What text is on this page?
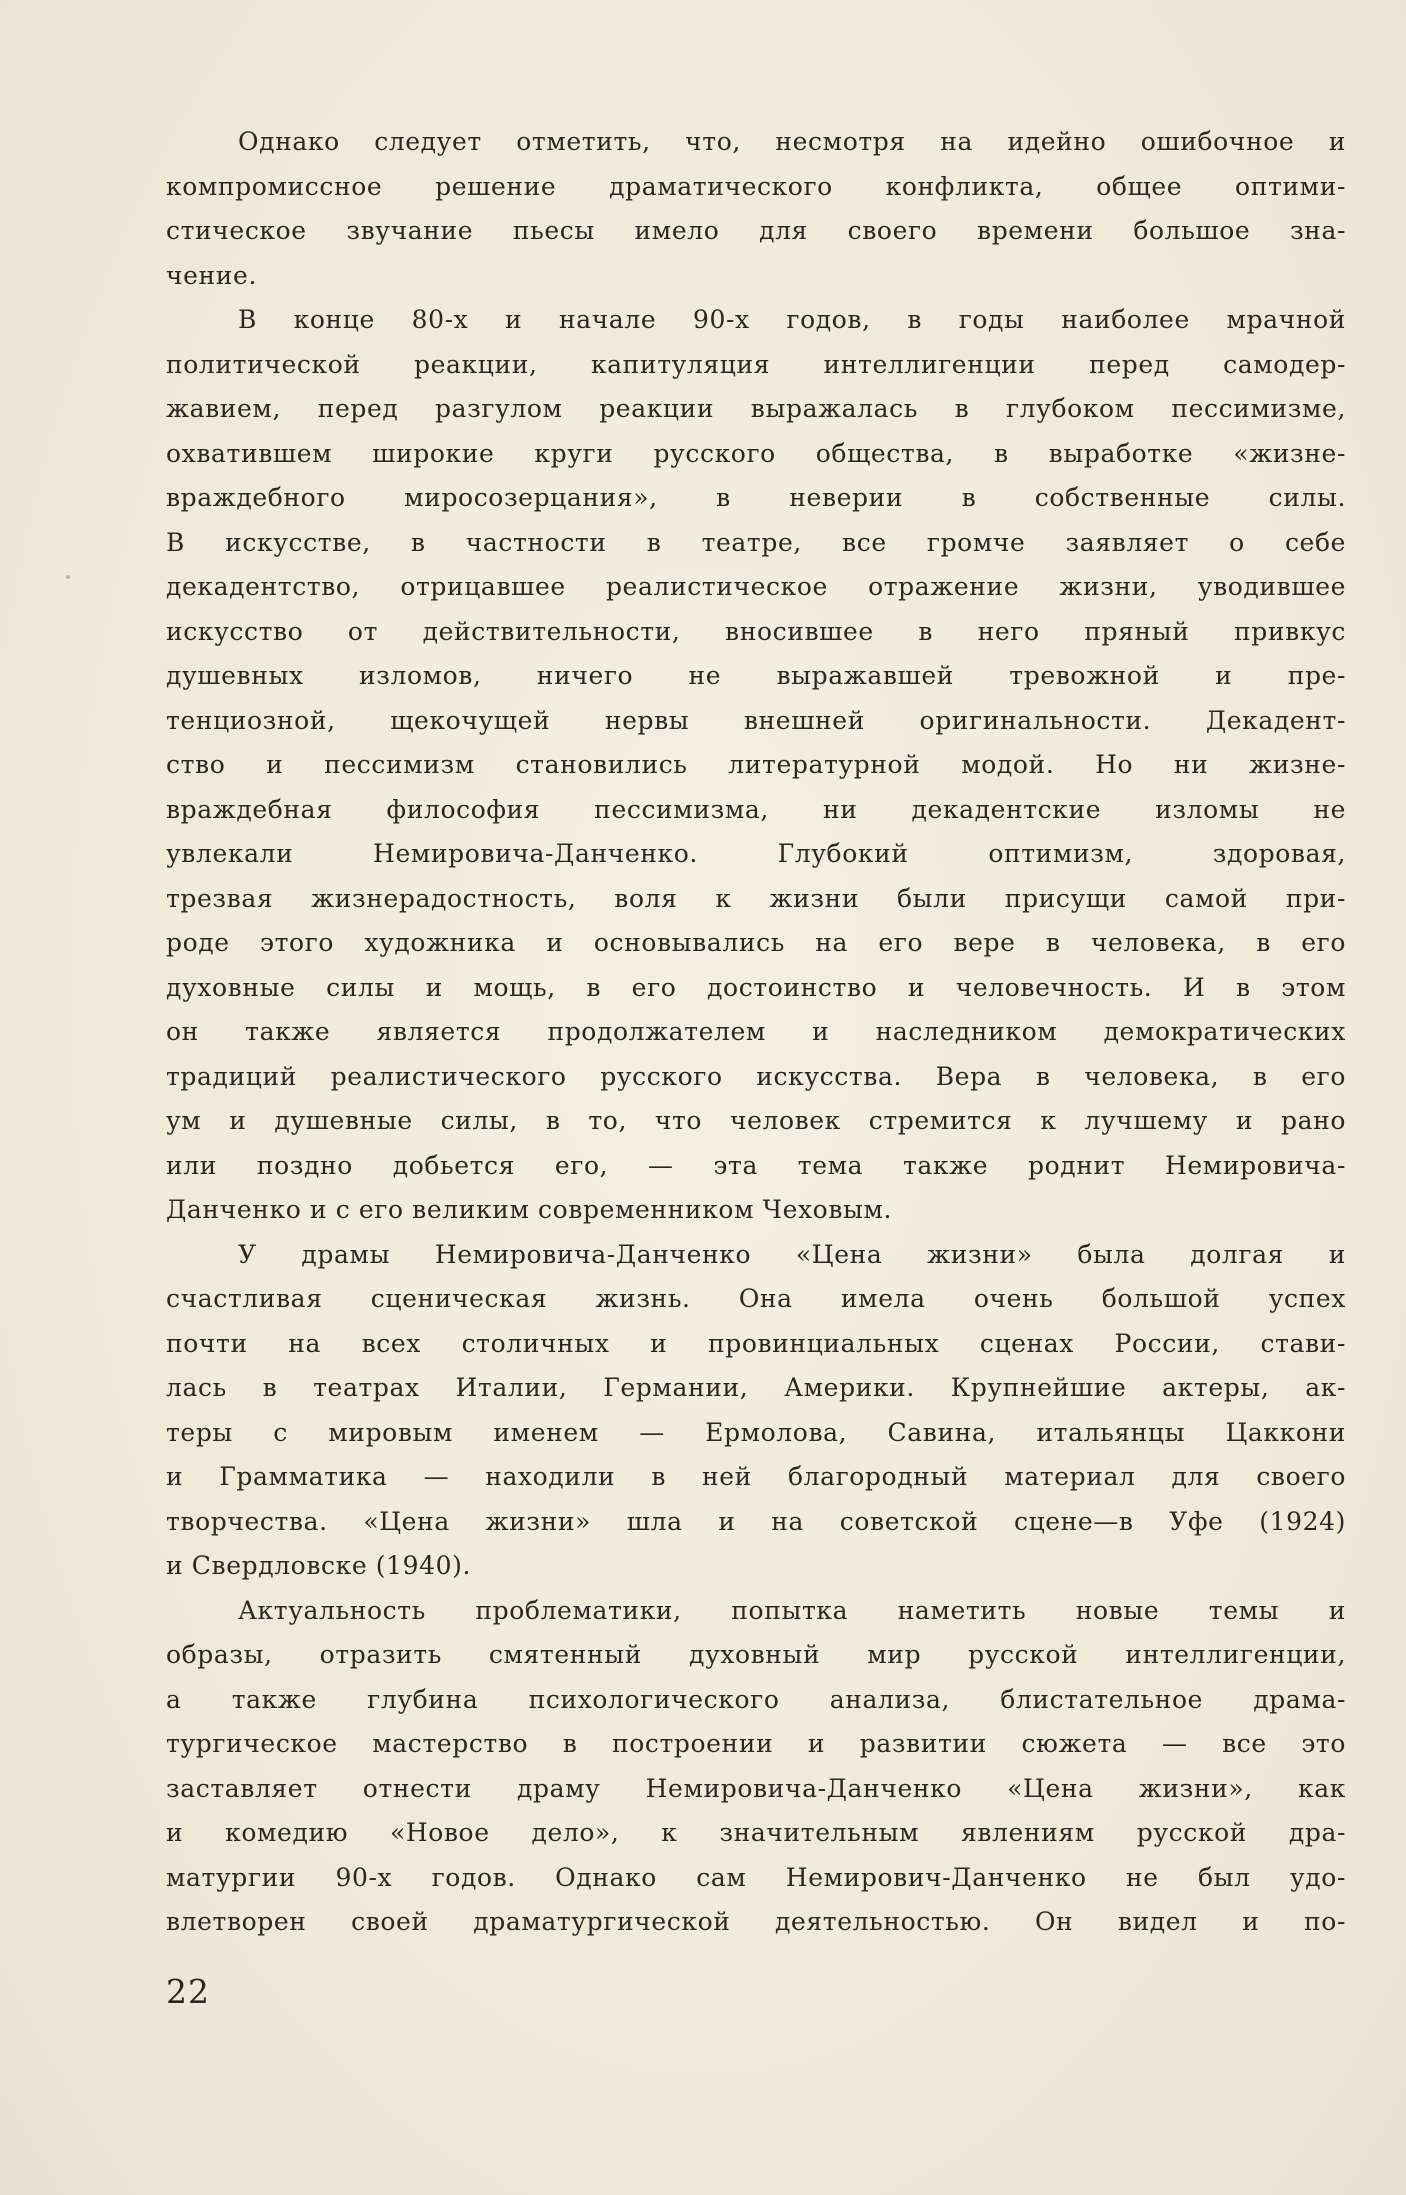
Однако следует отметить, что, несмотря на идейно ошибочное и
компромиссное решение драматического конфликта, общее оптими-
стическое звучание пьесы имело для своего времени большое зна-
чение.

В конце 80-х и начале 90-х годов, в годы наиболее мрачной
политической реакции, капитуляция интеллигенции перед самодер-
жавием, перед разгулом реакции выражалась в глубоком пессимизме,
охватившем широкие круги русского общества, в выработке «жизне-
враждебного миросозерцания», в неверии в собственные силы.
В искусстве, в частности в театре, все громче заявляет о себе
декадентство, отрицавшее реалистическое отражение жизни, уводившее
искусство от действительности, вносившее в него пряный привкус
душевных изломов, ничего не выражавшей тревожной и пре-
тенциозной, щекочущей нервы внешней оригинальности. Декадент-
ство и пессимизм становились литературной модой. Но ни жизне-
враждебная философия пессимизма, ни декадентские изломы не
увлекали Немировича-Данченко. Глубокий оптимизм, здоровая,
трезвая жизнерадостность, воля к жизни были присущи самой при-
роде этого художника и основывались на его вере в человека, в его
духовные силы и мощь, в его достоинство и человечность. И в этом
он также является продолжателем и наследником демократических
традиций реалистического русского искусства. Вера в человека, в его
ум и душевные силы, в то, что человек стремится к лучшему и рано
или поздно добьется его, — эта тема также роднит Немировича-
Данченко и с его великим современником Чеховым.

У драмы Немировича-Данченко «Цена жизни» была долгая и
счастливая сценическая жизнь. Она имела очень большой успех
почти на всех столичных и провинциальных сценах России, стави-
лась в театрах Италии, Германии, Америки. Крупнейшие актеры, ак-
теры с мировым именем — Ермолова, Савина, итальянцы Цаккони
и Грамматика — находили в ней благородный материал для своего
творчества. «Цена жизни» шла и на советской сцене—в Уфе (1924)
и Свердловске (1940).

Актуальность проблематики, попытка наметить новые темы и
образы, отразить смятенный духовный мир русской интеллигенции,
а также глубина психологического анализа, блистательное драма-
тургическое мастерство в построении и развитии сюжета — все это
заставляет отнести драму Немировича-Данченко «Цена жизни», как
и комедию «Новое дело», к значительным явлениям русской дра-
матургии 90-х годов. Однако сам Немирович-Данченко не был удо-
влетворен своей драматургической деятельностью. Он видел и по-

22
